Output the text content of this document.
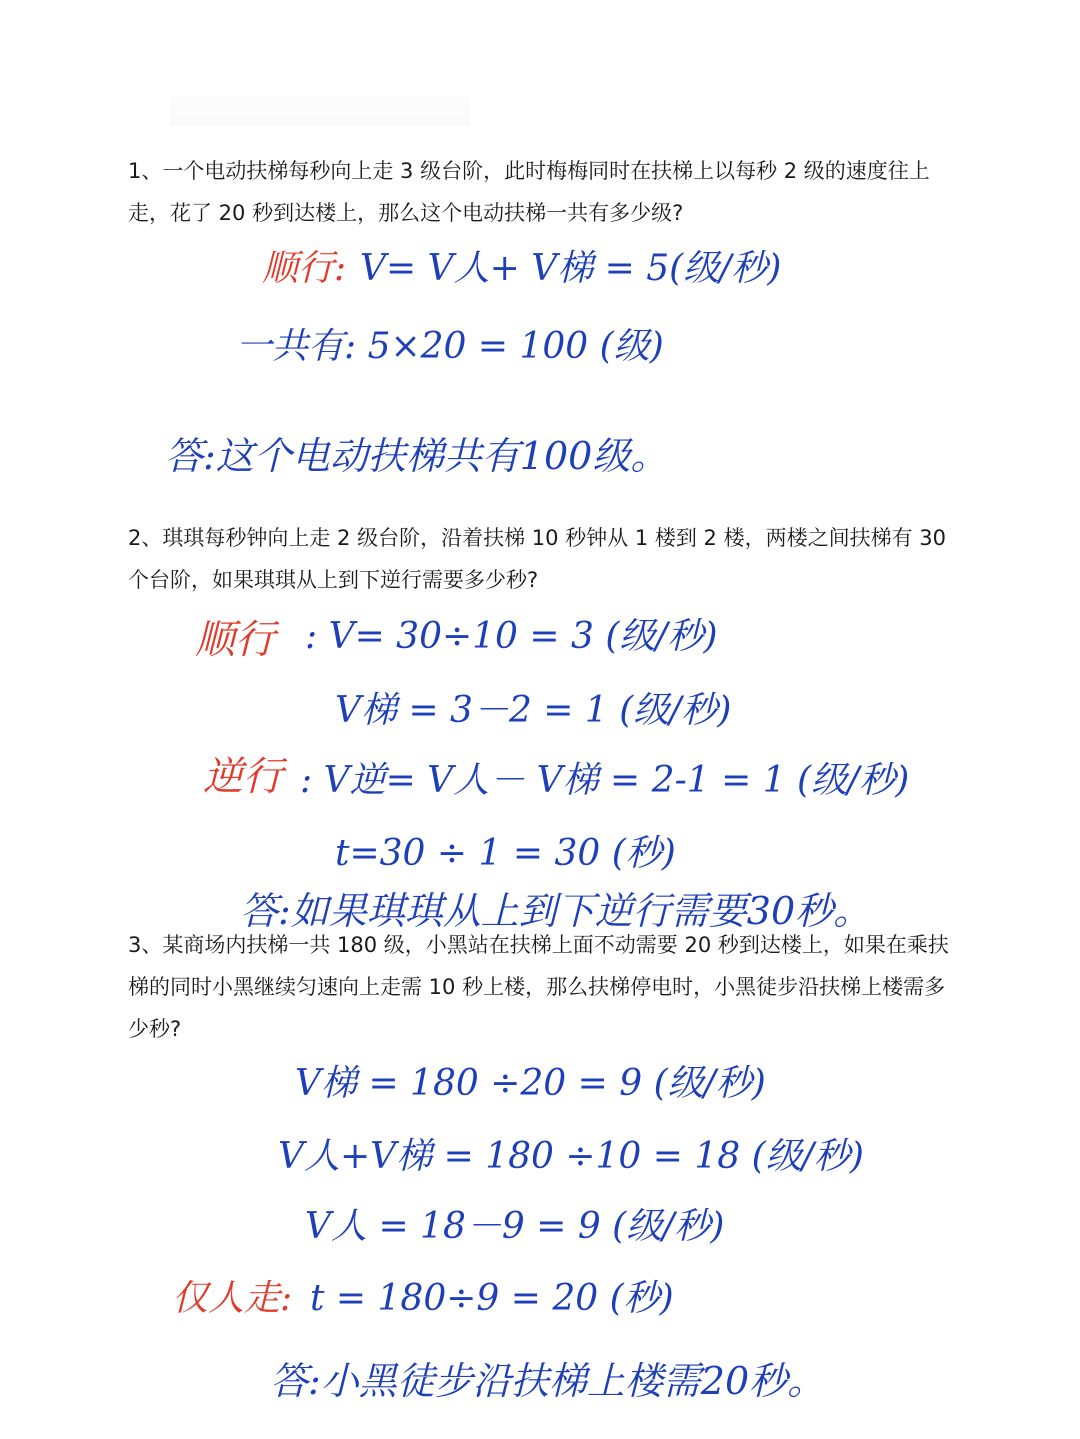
1、一个电动扶梯每秒向上走 3 级台阶，此时梅梅同时在扶梯上以每秒 2 级的速度往上走，花了 20 秒到达楼上，那么这个电动扶梯一共有多少级?
顺行: V= V人+ V梯 = 5(级/秒)
一共有: 5×20 = 100 (级)
答:这个电动扶梯共有100级。
2、琪琪每秒钟向上走 2 级台阶，沿着扶梯 10 秒钟从 1 楼到 2 楼，两楼之间扶梯有 30 个台阶，如果琪琪从上到下逆行需要多少秒?
顺行 : V= 30÷10 = 3 (级/秒)
V梯 = 3－2 = 1 (级/秒)
逆行 : V逆= V人－ V梯 = 2-1 = 1 (级/秒)
t=30 ÷ 1 = 30 (秒)
答:如果琪琪从上到下逆行需要30秒。
3、某商场内扶梯一共 180 级，小黑站在扶梯上面不动需要 20 秒到达楼上，如果在乘扶梯的同时小黑继续匀速向上走需 10 秒上楼，那么扶梯停电时，小黑徒步沿扶梯上楼需多少秒?
V梯 = 180 ÷20 = 9 (级/秒)
V人+V梯 = 180 ÷10 = 18 (级/秒)
V人 = 18－9 = 9 (级/秒)
仅人走: t = 180÷9 = 20 (秒)
答:小黑徒步沿扶梯上楼需20秒。
